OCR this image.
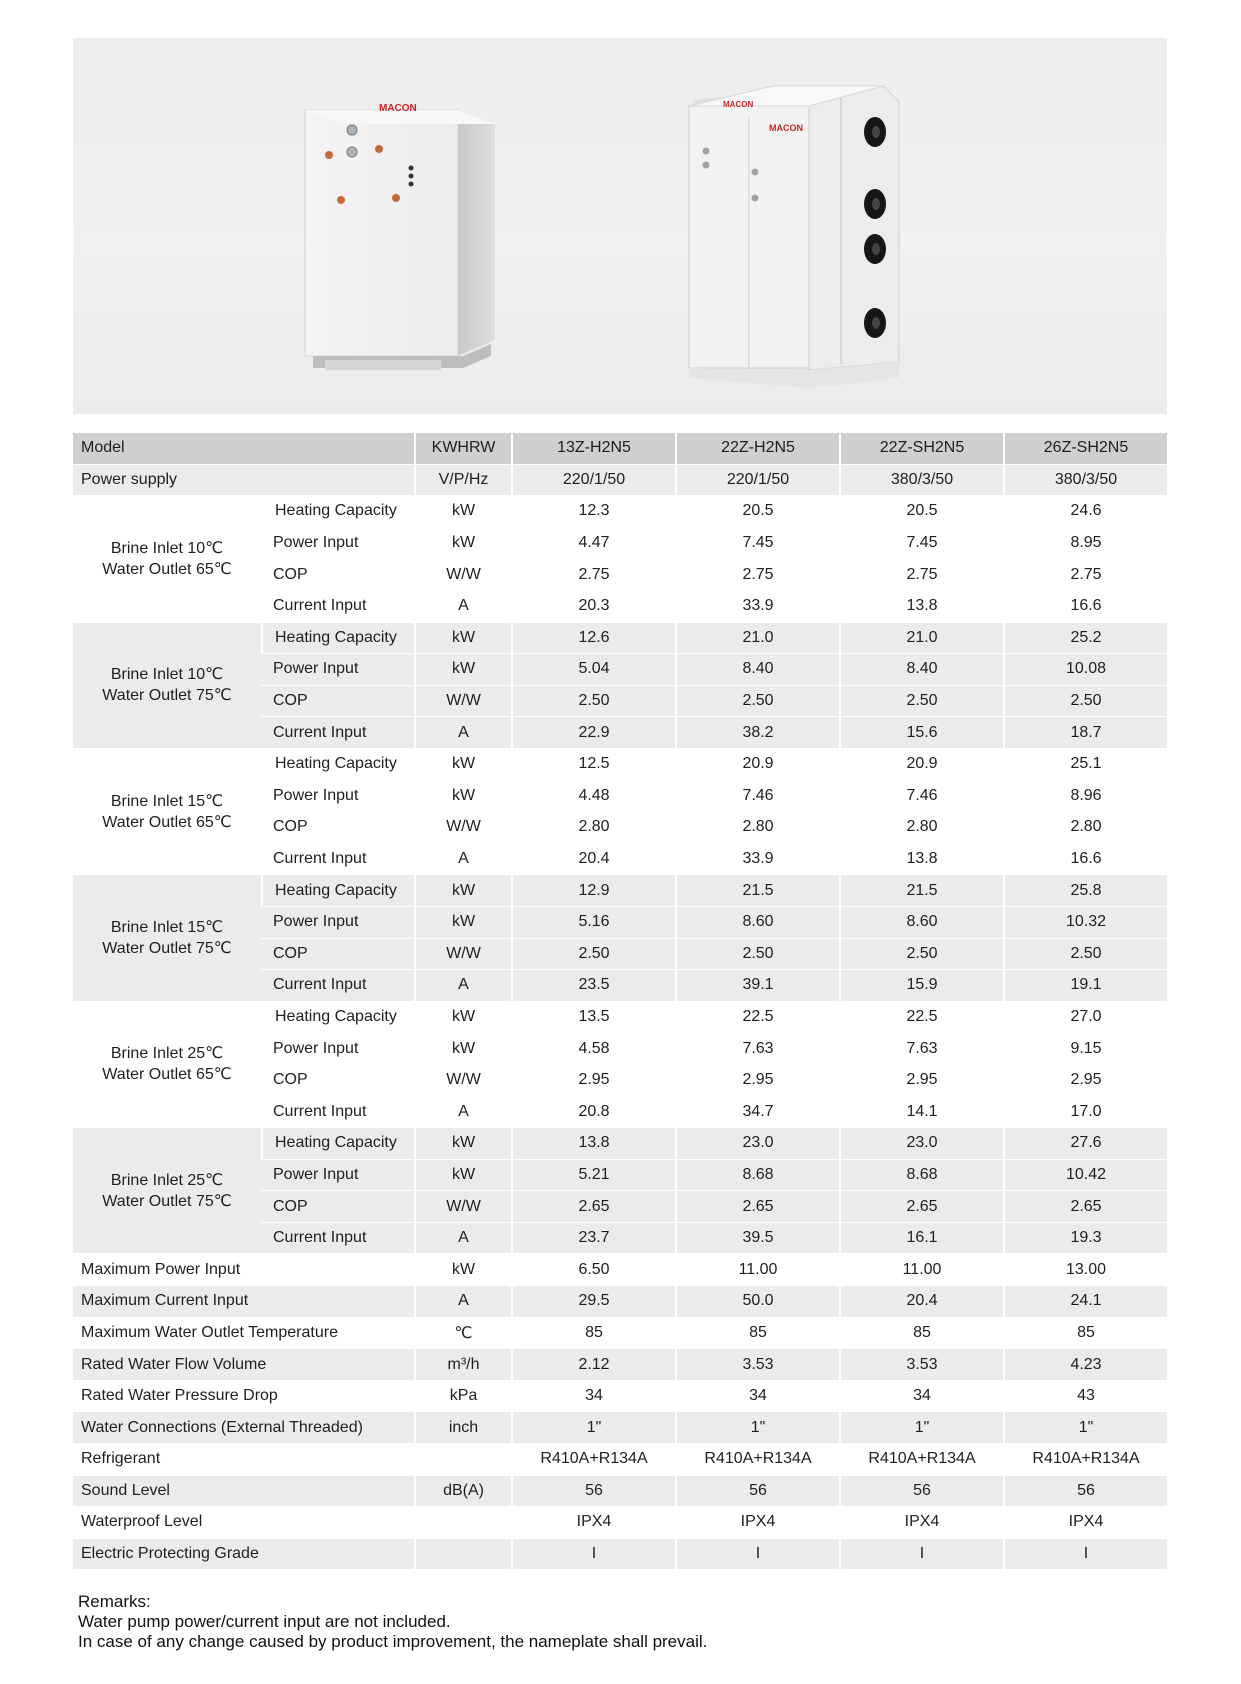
MACON	MACON
MACON
Model		KWHRW	13Z-H2N5	22Z-H2N5	22Z-SH2N5	26Z-SH2N5
Power supply		V/P/Hz	220/1/50	220/1/50	380/3/50	380/3/50

Brine Inlet 10℃
Water Outlet 65℃	Heating Capacity	kW	12.3	20.5	20.5	24.6
	Power Input	kW	4.47	7.45	7.45	8.95
	COP	W/W	2.75	2.75	2.75	2.75
	Current Input	A	20.3	33.9	13.8	16.6

Brine Inlet 10℃
Water Outlet 75℃	Heating Capacity	kW	12.6	21.0	21.0	25.2
	Power Input	kW	5.04	8.40	8.40	10.08
	COP	W/W	2.50	2.50	2.50	2.50
	Current Input	A	22.9	38.2	15.6	18.7

Brine Inlet 15℃
Water Outlet 65℃	Heating Capacity	kW	12.5	20.9	20.9	25.1
	Power Input	kW	4.48	7.46	7.46	8.96
	COP	W/W	2.80	2.80	2.80	2.80
	Current Input	A	20.4	33.9	13.8	16.6

Brine Inlet 15℃
Water Outlet 75℃	Heating Capacity	kW	12.9	21.5	21.5	25.8
	Power Input	kW	5.16	8.60	8.60	10.32
	COP	W/W	2.50	2.50	2.50	2.50
	Current Input	A	23.5	39.1	15.9	19.1

Brine Inlet 25℃
Water Outlet 65℃	Heating Capacity	kW	13.5	22.5	22.5	27.0
	Power Input	kW	4.58	7.63	7.63	9.15
	COP	W/W	2.95	2.95	2.95	2.95
	Current Input	A	20.8	34.7	14.1	17.0

Brine Inlet 25℃
Water Outlet 75℃	Heating Capacity	kW	13.8	23.0	23.0	27.6
	Power Input	kW	5.21	8.68	8.68	10.42
	COP	W/W	2.65	2.65	2.65	2.65
	Current Input	A	23.7	39.5	16.1	19.3
Maximum Power Input		kW	6.50	11.00	11.00	13.00
Maximum Current Input		A	29.5	50.0	20.4	24.1
Maximum Water Outlet Temperature		℃	85	85	85	85
Rated Water Flow Volume		m³/h	2.12	3.53	3.53	4.23
Rated Water Pressure Drop		kPa	34	34	34	43
Water Connections (External Threaded)		inch	1"	1"	1"	1"
Refrigerant			R410A+R134A	R410A+R134A	R410A+R134A	R410A+R134A
Sound Level		dB(A)	56	56	56	56
Waterproof Level			IPX4	IPX4	IPX4	IPX4
Electric Protecting Grade			I	I	I	I
Remarks:
Water pump power/current input are not included.
In case of any change caused by product improvement, the nameplate shall prevail.
